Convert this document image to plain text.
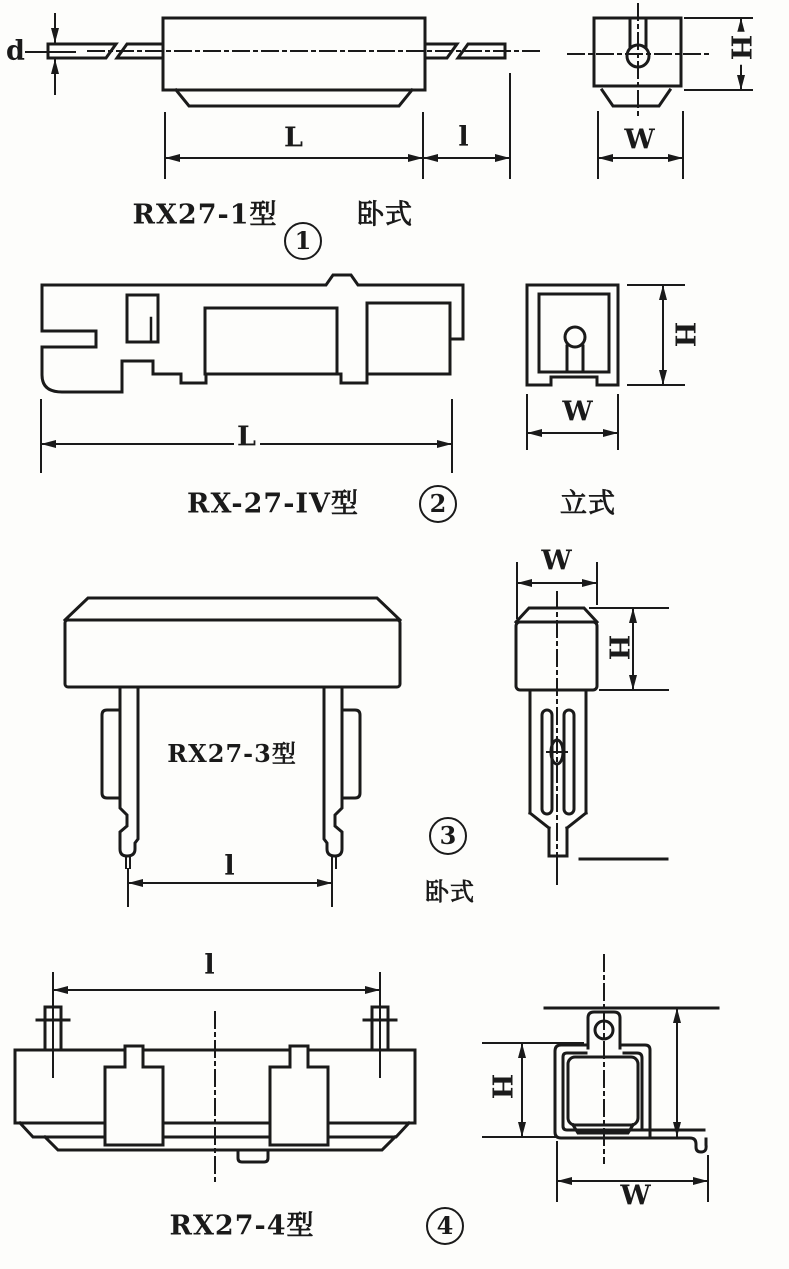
d
L	l	W
H
RX27-1型	卧式
1
L
H
W
RX-27-IV型	立式
2
RX27-3型
l
W
H
3
卧式
l
H
W
RX27-4型	4
